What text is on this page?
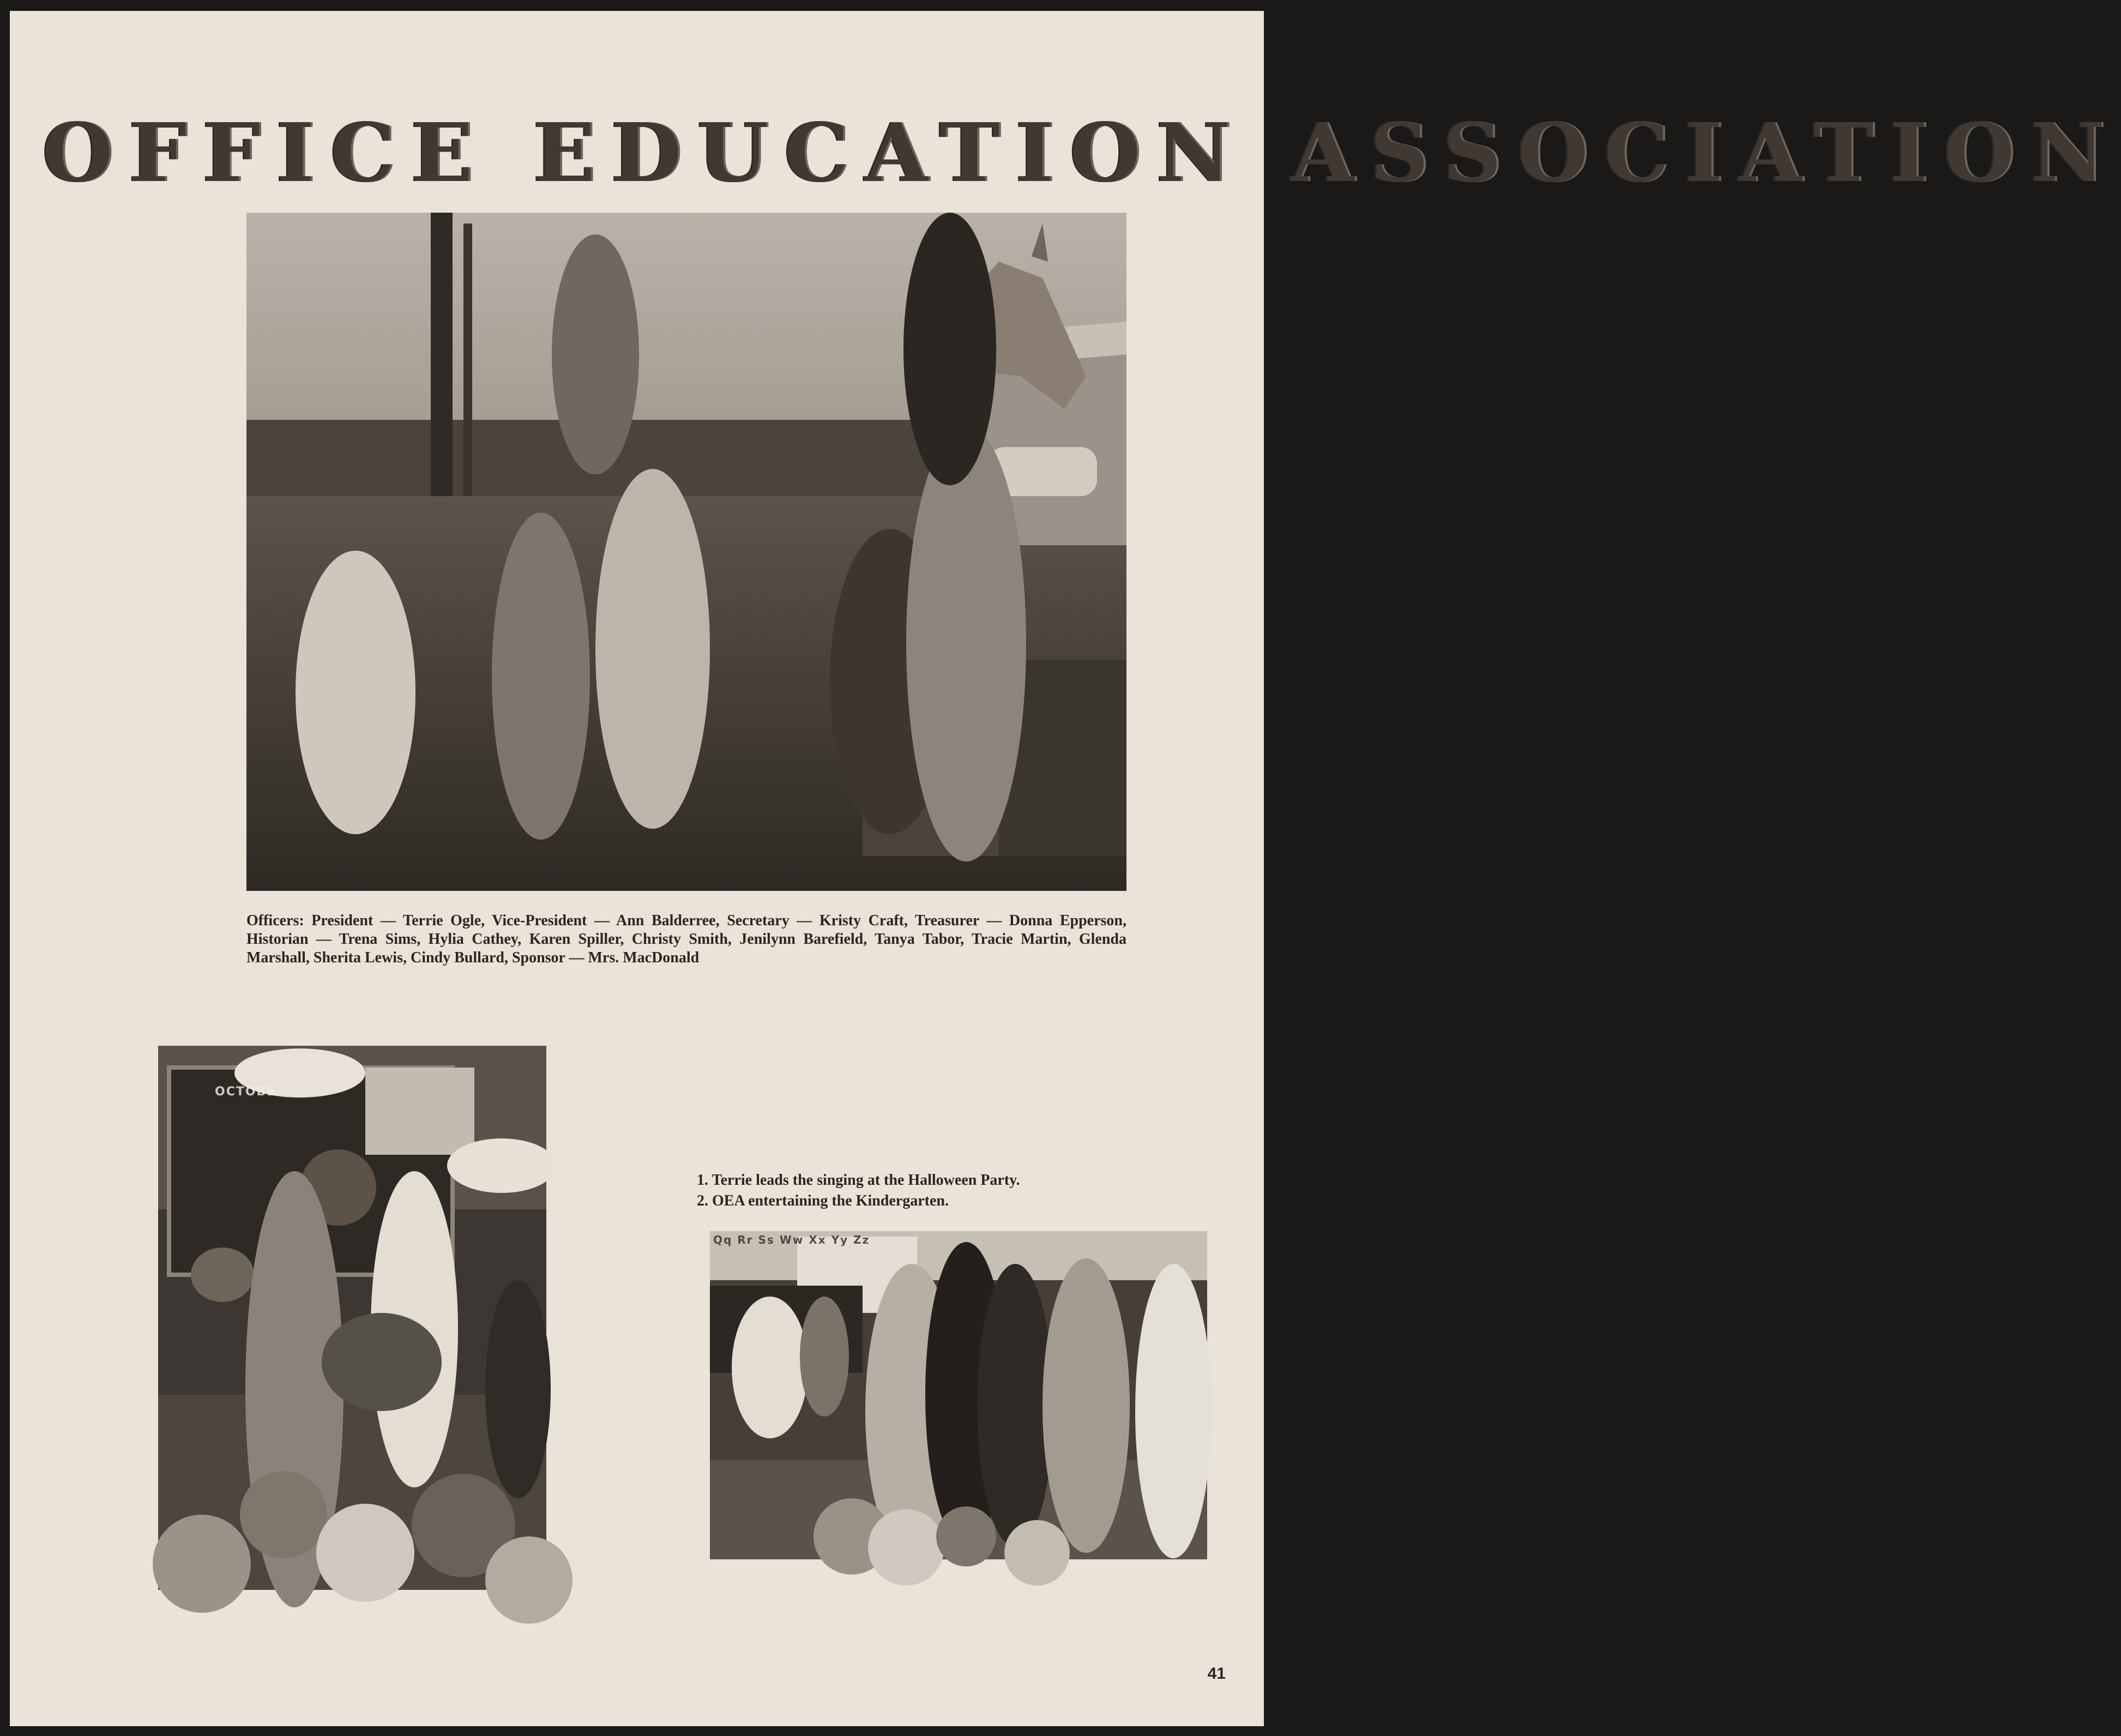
OFFICE EDUCATION ASSOCIATION

Officers: President — Terrie Ogle, Vice-President — Ann Balderree, Secretary — Kristy Craft, Treasurer — Donna Epperson, Historian — Trena Sims, Hylia Cathey, Karen Spiller, Christy Smith, Jenilynn Barefield, Tanya Tabor, Tracie Martin, Glenda Marshall, Sherita Lewis, Cindy Bullard, Sponsor — Mrs. MacDonald

OCTOBE
1. Terrie leads the singing at the Halloween Party.
2. OEA entertaining the Kindergarten.
Qq Rr Ss Ww Xx Yy Zz
41
